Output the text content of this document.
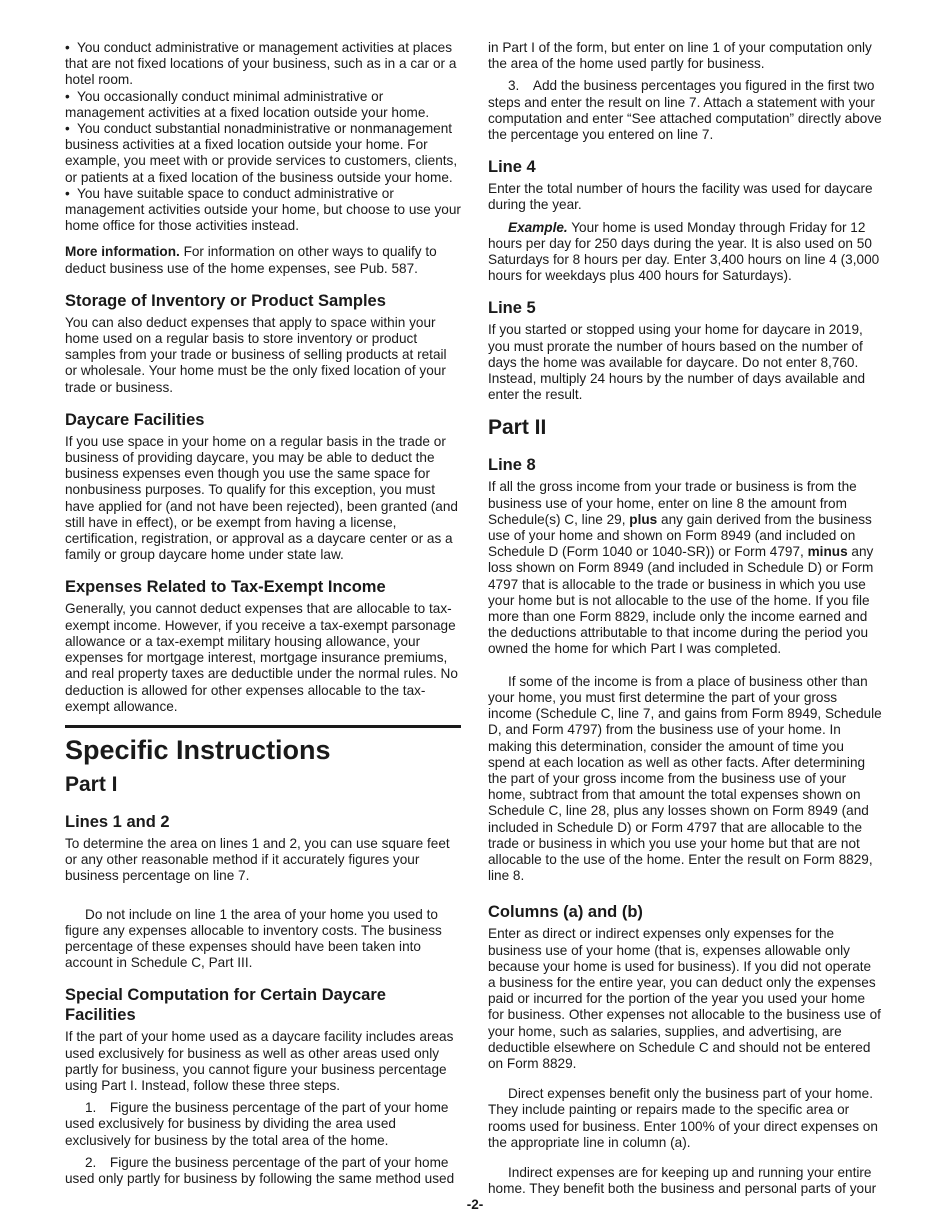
• You conduct administrative or management activities at places that are not fixed locations of your business, such as in a car or a hotel room.

• You occasionally conduct minimal administrative or management activities at a fixed location outside your home.

• You conduct substantial nonadministrative or nonmanagement business activities at a fixed location outside your home. For example, you meet with or provide services to customers, clients, or patients at a fixed location of the business outside your home.

• You have suitable space to conduct administrative or management activities outside your home, but choose to use your home office for those activities instead.

More information. For information on other ways to qualify to deduct business use of the home expenses, see Pub. 587.

Storage of Inventory or Product Samples

You can also deduct expenses that apply to space within your home used on a regular basis to store inventory or product samples from your trade or business of selling products at retail or wholesale. Your home must be the only fixed location of your trade or business.

Daycare Facilities

If you use space in your home on a regular basis in the trade or business of providing daycare, you may be able to deduct the business expenses even though you use the same space for nonbusiness purposes. To qualify for this exception, you must have applied for (and not have been rejected), been granted (and still have in effect), or be exempt from having a license, certification, registration, or approval as a daycare center or as a family or group daycare home under state law.

Expenses Related to Tax-Exempt Income

Generally, you cannot deduct expenses that are allocable to tax-exempt income. However, if you receive a tax-exempt parsonage allowance or a tax-exempt military housing allowance, your expenses for mortgage interest, mortgage insurance premiums, and real property taxes are deductible under the normal rules. No deduction is allowed for other expenses allocable to the tax-exempt allowance.

Specific Instructions
Part I
Lines 1 and 2

To determine the area on lines 1 and 2, you can use square feet or any other reasonable method if it accurately figures your business percentage on line 7.

Do not include on line 1 the area of your home you used to figure any expenses allocable to inventory costs. The business percentage of these expenses should have been taken into account in Schedule C, Part III.

Special Computation for Certain Daycare Facilities

If the part of your home used as a daycare facility includes areas used exclusively for business as well as other areas used only partly for business, you cannot figure your business percentage using Part I. Instead, follow these three steps.

1. Figure the business percentage of the part of your home used exclusively for business by dividing the area used exclusively for business by the total area of the home.

2. Figure the business percentage of the part of your home used only partly for business by following the same method used

in Part I of the form, but enter on line 1 of your computation only the area of the home used partly for business.

3. Add the business percentages you figured in the first two steps and enter the result on line 7. Attach a statement with your computation and enter “See attached computation” directly above the percentage you entered on line 7.

Line 4

Enter the total number of hours the facility was used for daycare during the year.

Example. Your home is used Monday through Friday for 12 hours per day for 250 days during the year. It is also used on 50 Saturdays for 8 hours per day. Enter 3,400 hours on line 4 (3,000 hours for weekdays plus 400 hours for Saturdays).

Line 5

If you started or stopped using your home for daycare in 2019, you must prorate the number of hours based on the number of days the home was available for daycare. Do not enter 8,760. Instead, multiply 24 hours by the number of days available and enter the result.

Part II
Line 8

If all the gross income from your trade or business is from the business use of your home, enter on line 8 the amount from Schedule(s) C, line 29, plus any gain derived from the business use of your home and shown on Form 8949 (and included on Schedule D (Form 1040 or 1040-SR)) or Form 4797, minus any loss shown on Form 8949 (and included in Schedule D) or Form 4797 that is allocable to the trade or business in which you use your home but is not allocable to the use of the home. If you file more than one Form 8829, include only the income earned and the deductions attributable to that income during the period you owned the home for which Part I was completed.

If some of the income is from a place of business other than your home, you must first determine the part of your gross income (Schedule C, line 7, and gains from Form 8949, Schedule D, and Form 4797) from the business use of your home. In making this determination, consider the amount of time you spend at each location as well as other facts. After determining the part of your gross income from the business use of your home, subtract from that amount the total expenses shown on Schedule C, line 28, plus any losses shown on Form 8949 (and included in Schedule D) or Form 4797 that are allocable to the trade or business in which you use your home but that are not allocable to the use of the home. Enter the result on Form 8829, line 8.

Columns (a) and (b)

Enter as direct or indirect expenses only expenses for the business use of your home (that is, expenses allowable only because your home is used for business). If you did not operate a business for the entire year, you can deduct only the expenses paid or incurred for the portion of the year you used your home for business. Other expenses not allocable to the business use of your home, such as salaries, supplies, and advertising, are deductible elsewhere on Schedule C and should not be entered on Form 8829.

Direct expenses benefit only the business part of your home. They include painting or repairs made to the specific area or rooms used for business. Enter 100% of your direct expenses on the appropriate line in column (a).

Indirect expenses are for keeping up and running your entire home. They benefit both the business and personal parts of your

-2-
